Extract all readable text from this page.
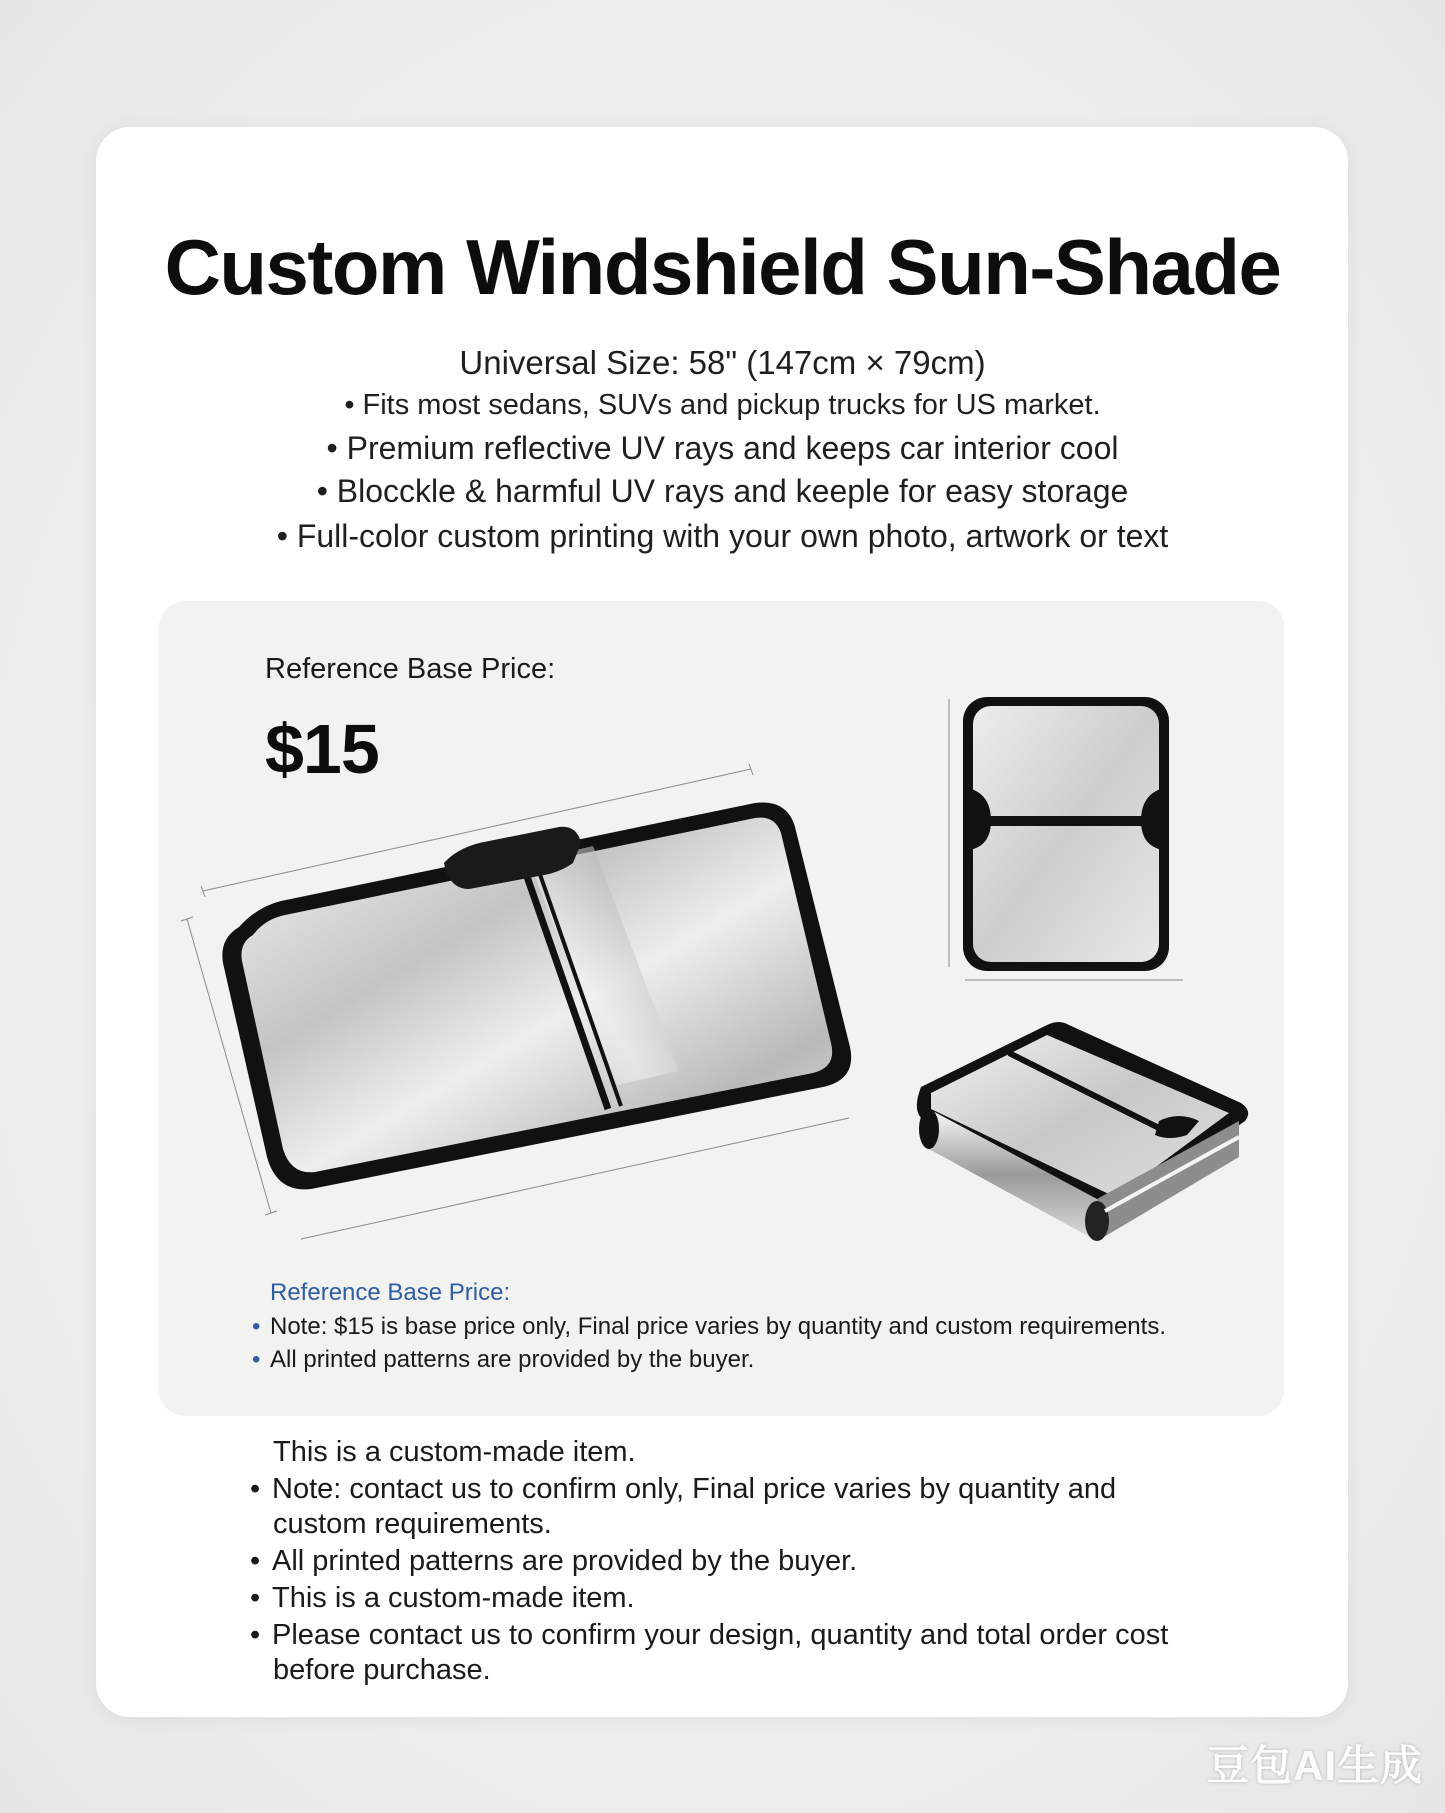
Custom Windshield Sun-Shade
Universal Size: 58" (147cm × 79cm)
• Fits most sedans, SUVs and pickup trucks for US market.
• Premium reflective UV rays and keeps car interior cool
• Blocckle & harmful UV rays and keeple for easy storage
• Full-color custom printing with your own photo, artwork or text
Reference Base Price:
$15
Reference Base Price:
• Note: $15 is base price only, Final price varies by quantity and custom requirements.
• All printed patterns are provided by the buyer.
This is a custom-made item.
• Note: contact us to confirm only, Final price varies by quantity and
custom requirements.
• All printed patterns are provided by the buyer.
• This is a custom-made item.
• Please contact us to confirm your design, quantity and total order cost
before purchase.
豆包AI生成
